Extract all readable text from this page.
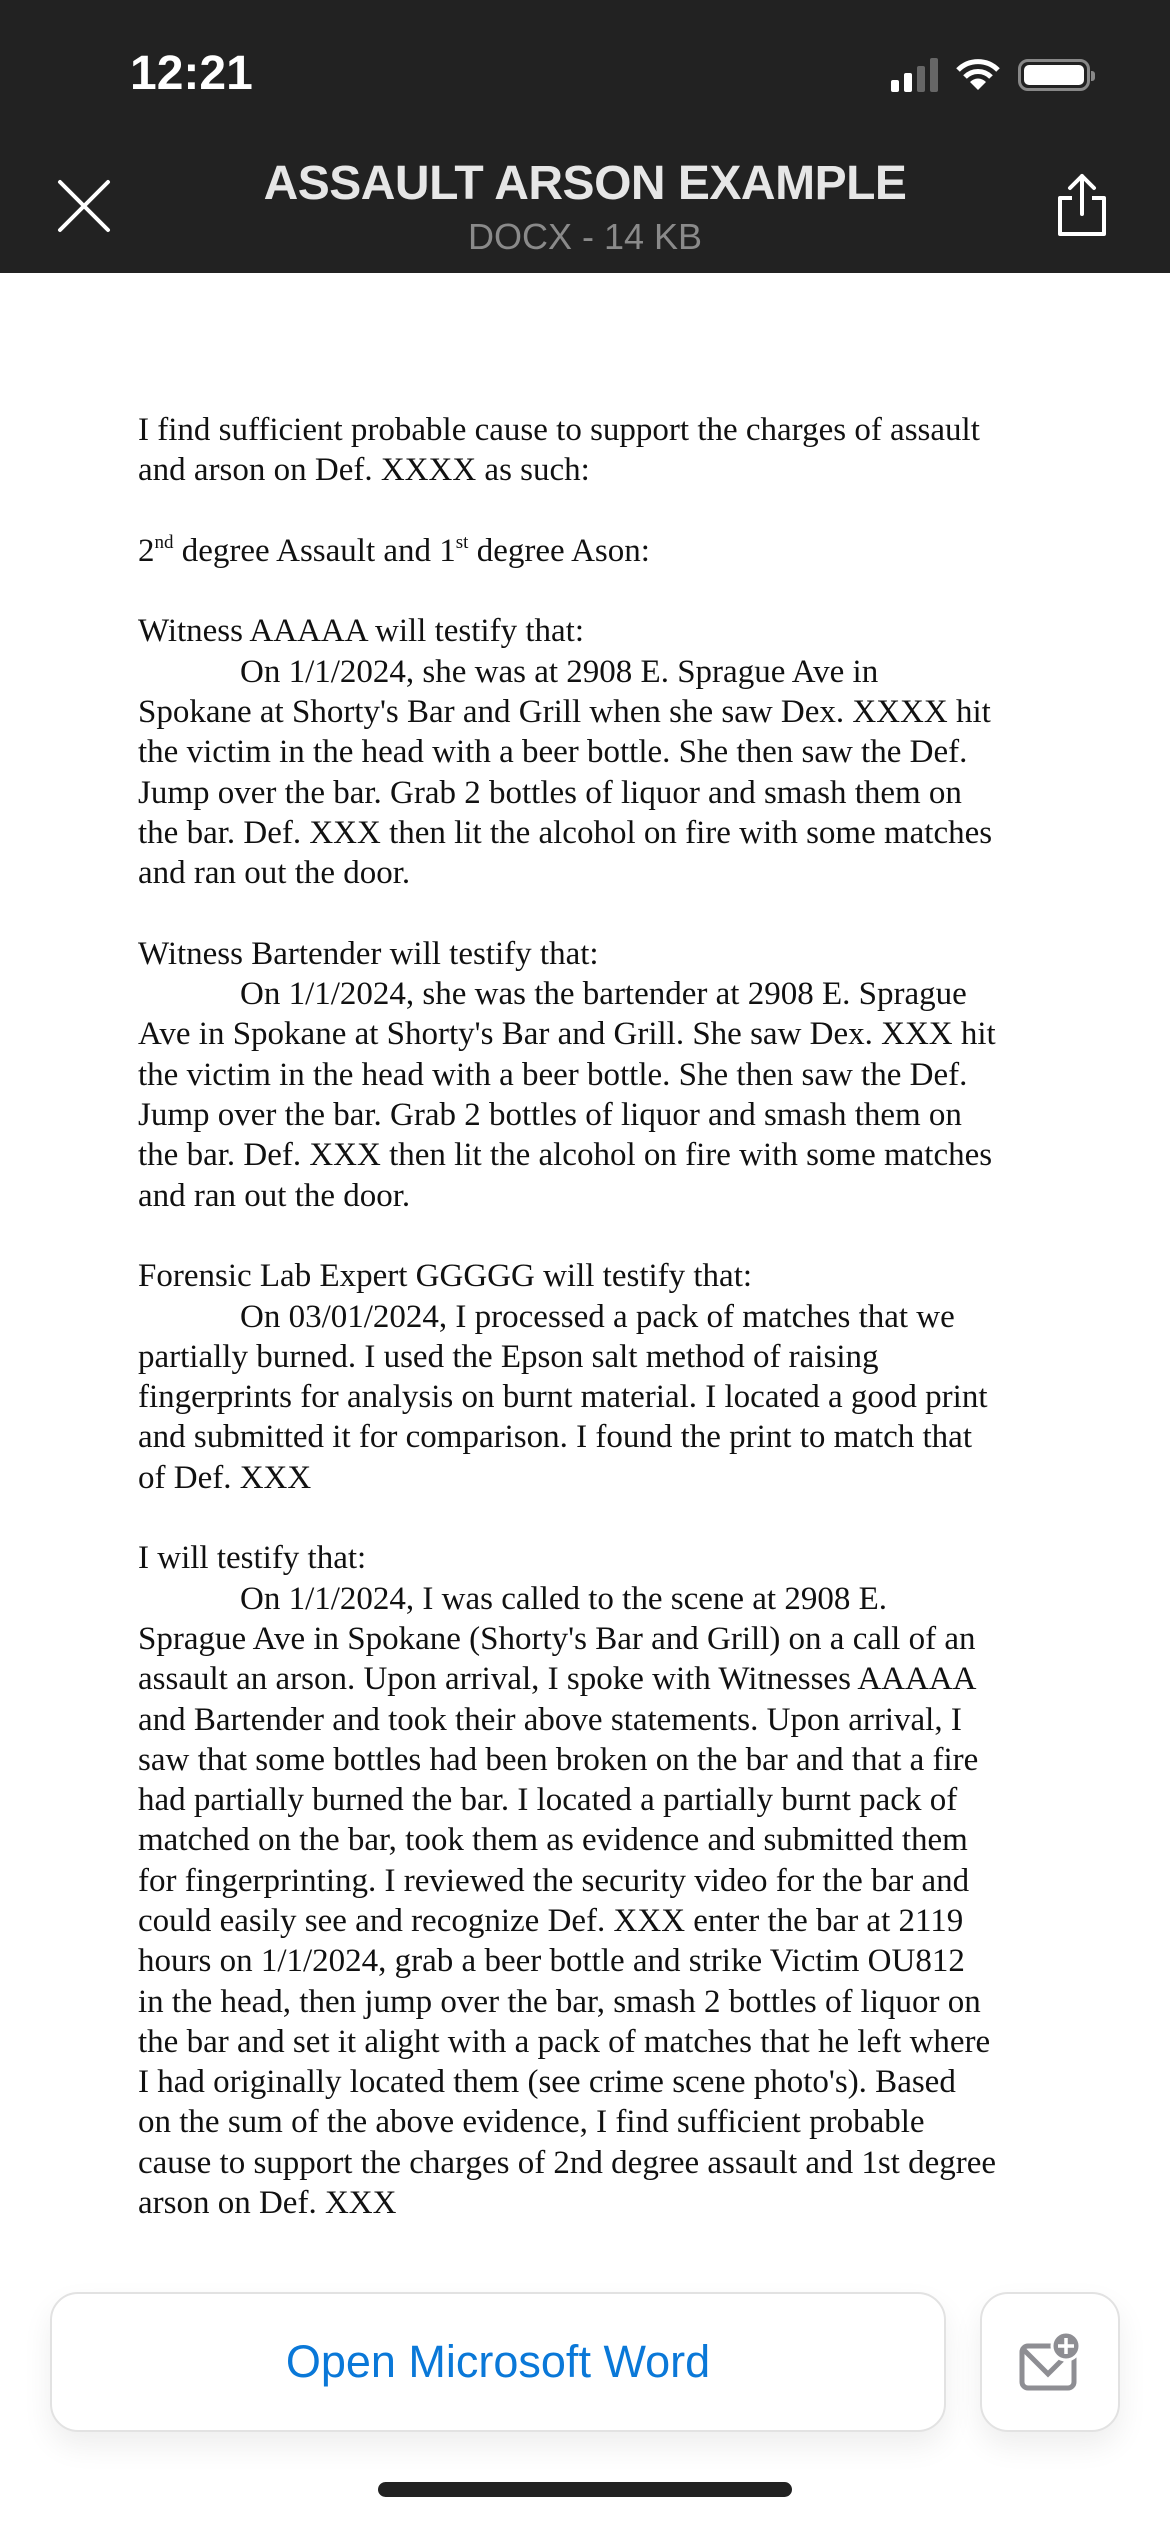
12:21
ASSAULT ARSON EXAMPLE
DOCX - 14 KB
I find sufficient probable cause to support the charges of assault
and arson on Def. XXXX as such:
2nd degree Assault and 1st degree Ason:
Witness AAAAA will testify that:
On 1/1/2024, she was at 2908 E. Sprague Ave in
Spokane at Shorty's Bar and Grill when she saw Dex. XXXX hit
the victim in the head with a beer bottle. She then saw the Def.
Jump over the bar. Grab 2 bottles of liquor and smash them on
the bar. Def. XXX then lit the alcohol on fire with some matches
and ran out the door.
Witness Bartender will testify that:
On 1/1/2024, she was the bartender at 2908 E. Sprague
Ave in Spokane at Shorty's Bar and Grill. She saw Dex. XXX hit
the victim in the head with a beer bottle. She then saw the Def.
Jump over the bar. Grab 2 bottles of liquor and smash them on
the bar. Def. XXX then lit the alcohol on fire with some matches
and ran out the door.
Forensic Lab Expert GGGGG will testify that:
On 03/01/2024, I processed a pack of matches that we
partially burned. I used the Epson salt method of raising
fingerprints for analysis on burnt material. I located a good print
and submitted it for comparison. I found the print to match that
of Def. XXX
I will testify that:
On 1/1/2024, I was called to the scene at 2908 E.
Sprague Ave in Spokane (Shorty's Bar and Grill) on a call of an
assault an arson. Upon arrival, I spoke with Witnesses AAAAA
and Bartender and took their above statements. Upon arrival, I
saw that some bottles had been broken on the bar and that a fire
had partially burned the bar. I located a partially burnt pack of
matched on the bar, took them as evidence and submitted them
for fingerprinting. I reviewed the security video for the bar and
could easily see and recognize Def. XXX enter the bar at 2119
hours on 1/1/2024, grab a beer bottle and strike Victim OU812
in the head, then jump over the bar, smash 2 bottles of liquor on
the bar and set it alight with a pack of matches that he left where
I had originally located them (see crime scene photo's). Based
on the sum of the above evidence, I find sufficient probable
cause to support the charges of 2nd degree assault and 1st degree
arson on Def. XXX
Open Microsoft Word
